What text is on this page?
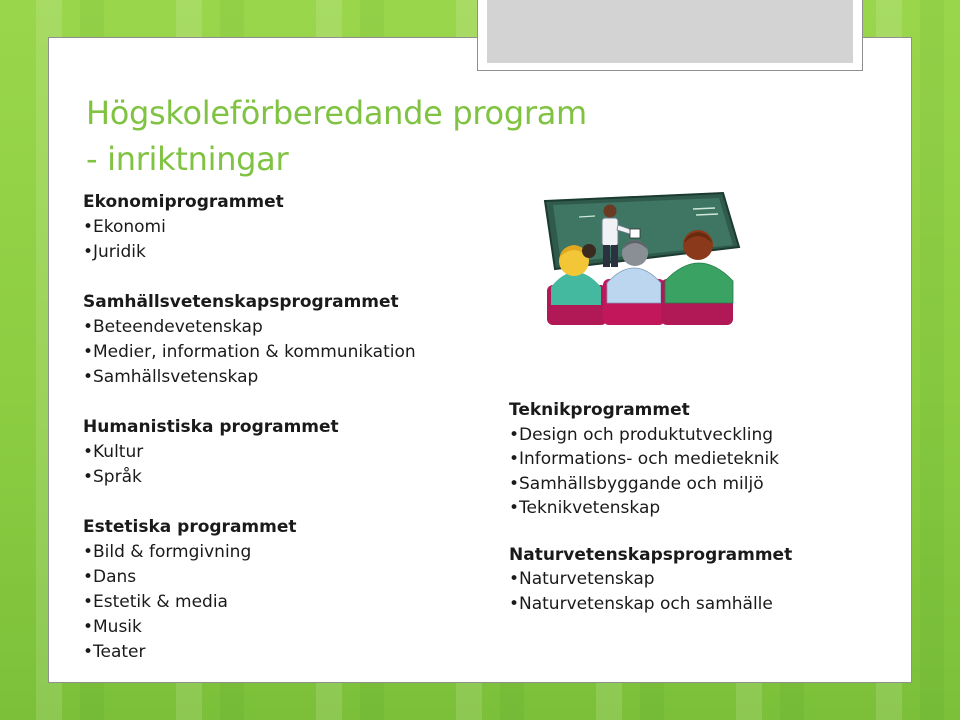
Högskoleförberedande program
- inriktningar
Ekonomiprogrammet
•Ekonomi
•Juridik
Samhällsvetenskapsprogrammet
•Beteendevetenskap
•Medier, information & kommunikation
•Samhällsvetenskap
Humanistiska programmet
•Kultur
•Språk
Estetiska programmet
•Bild & formgivning
•Dans
•Estetik & media
•Musik
•Teater
Teknikprogrammet
•Design och produktutveckling
•Informations- och medieteknik
•Samhällsbyggande och miljö
•Teknikvetenskap
Naturvetenskapsprogrammet
•Naturvetenskap
•Naturvetenskap och samhälle
